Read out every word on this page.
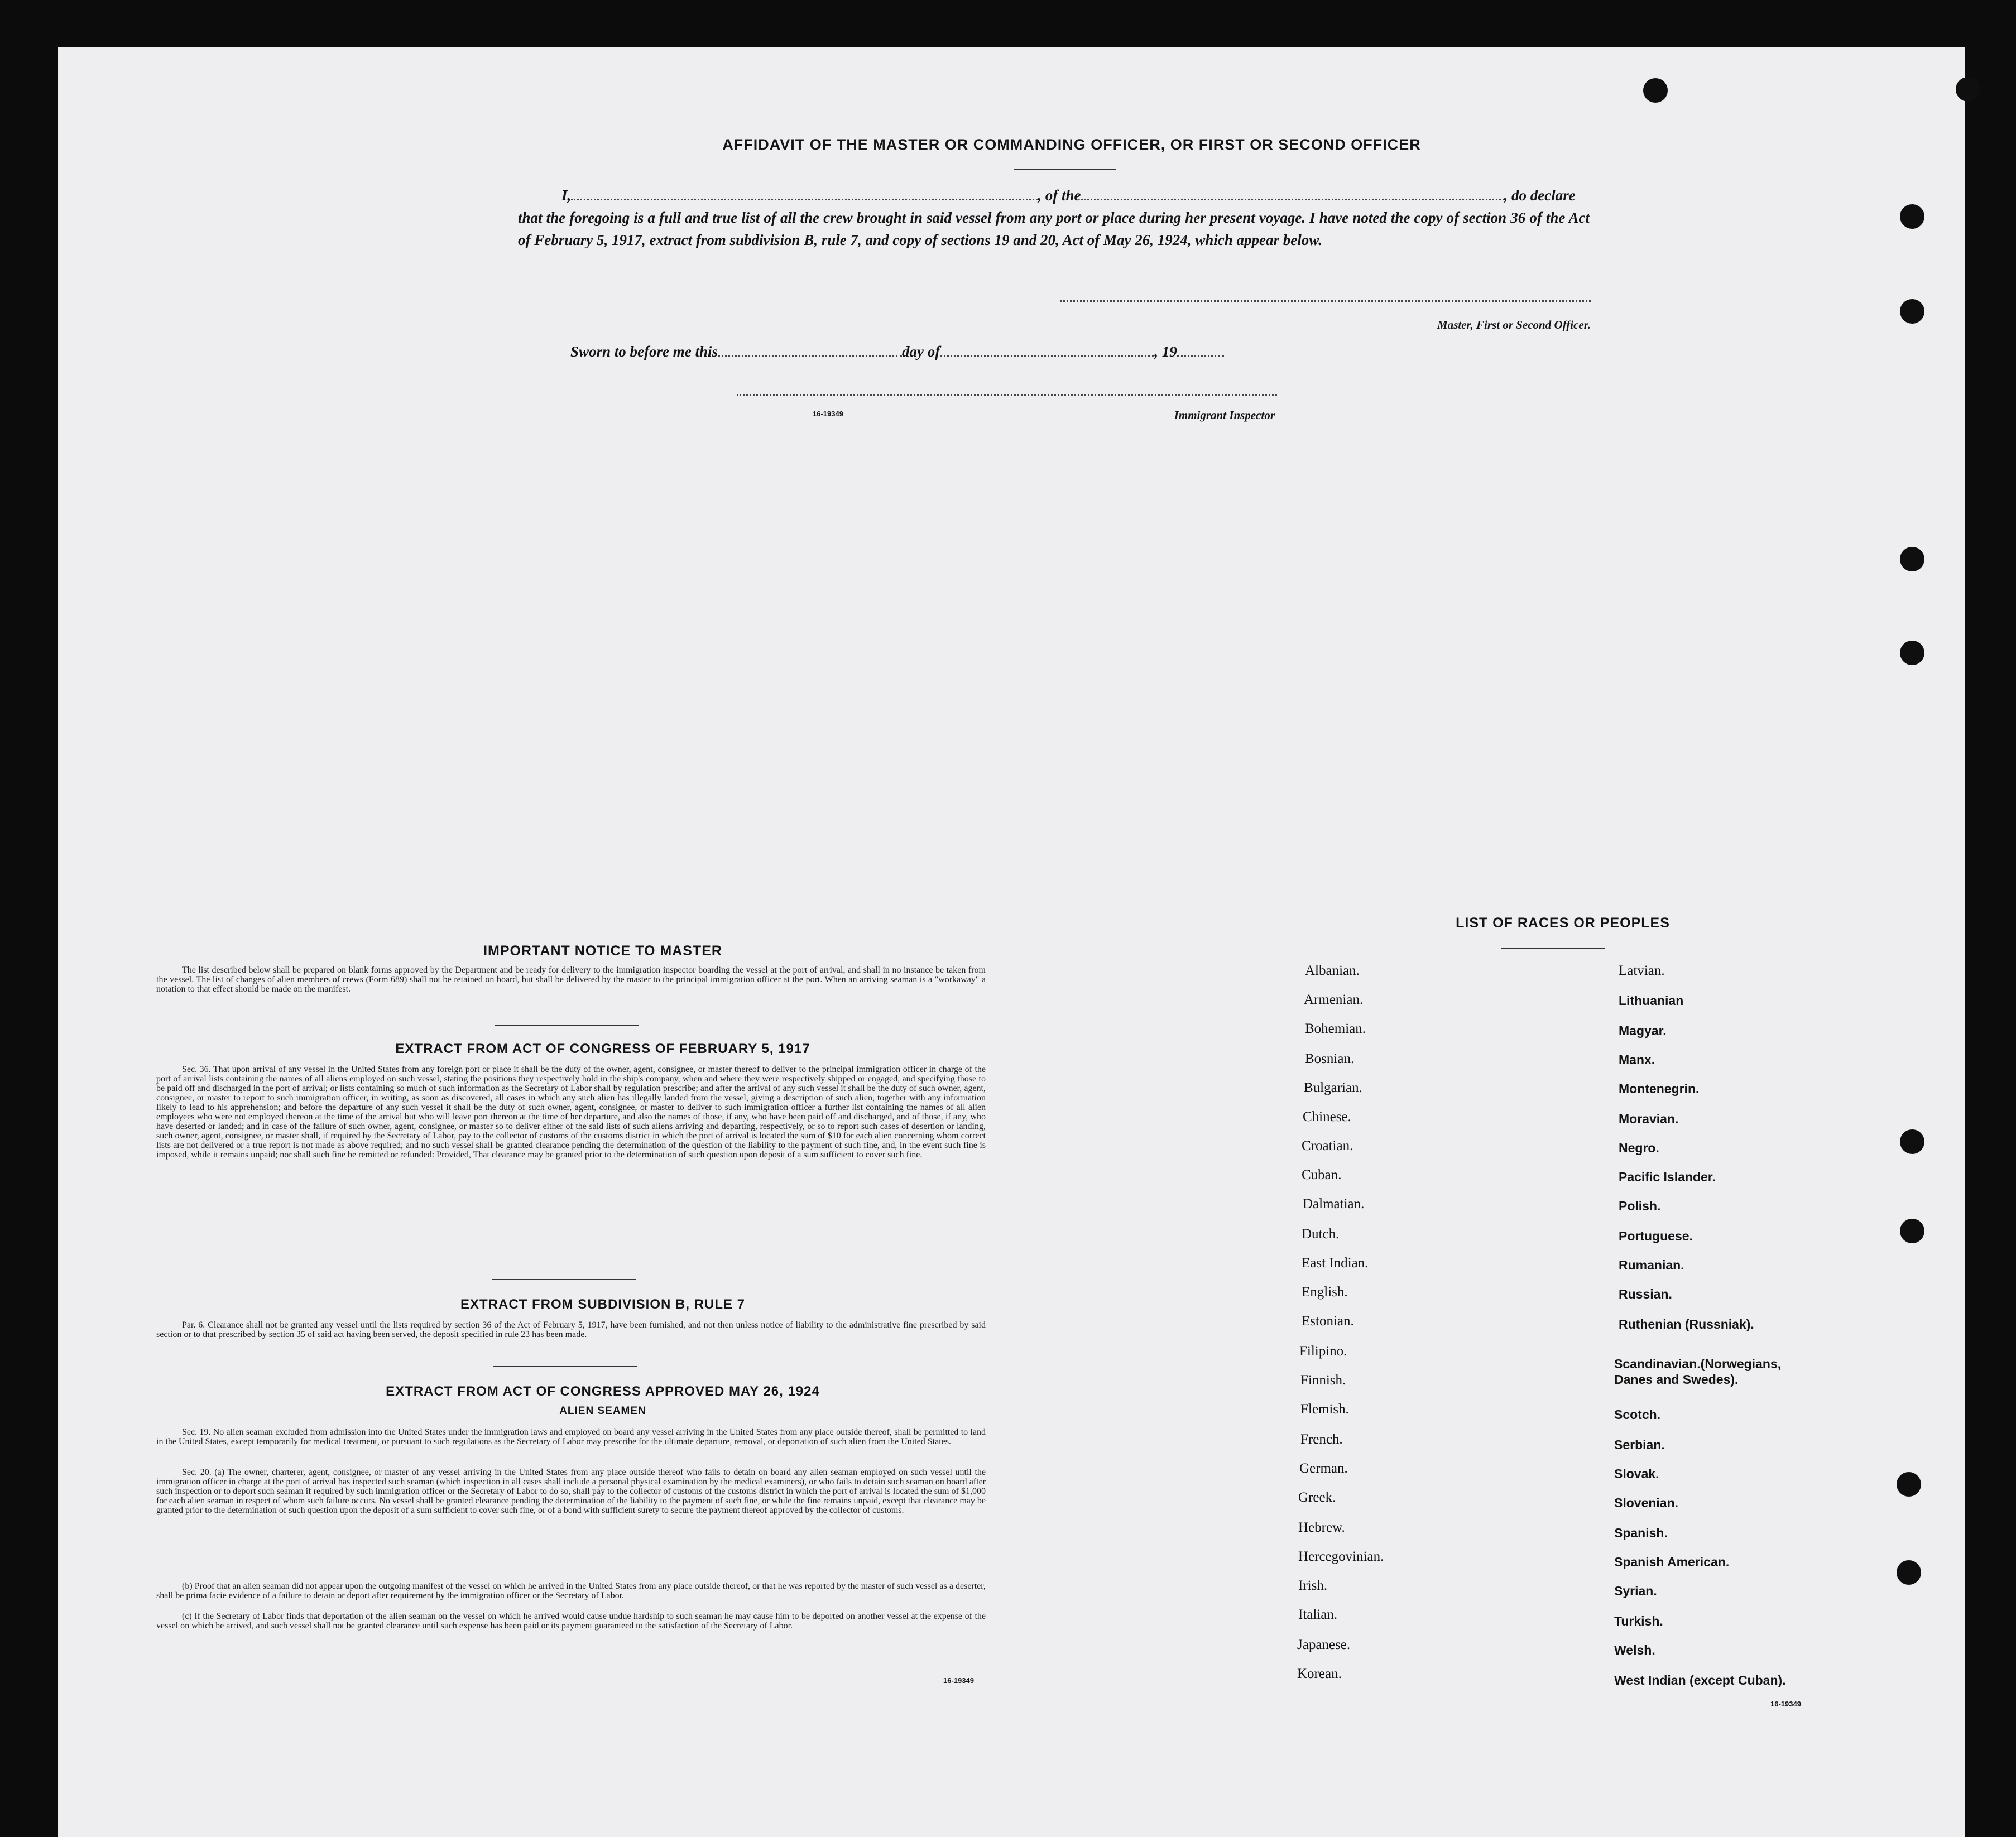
AFFIDAVIT OF THE MASTER OR COMMANDING OFFICER, OR FIRST OR SECOND OFFICER
I,	, of the	, do declare
that the foregoing is a full and true list of all the crew brought in said vessel from any port or place during her present voyage. I have noted the copy of section 36 of the Act of February 5, 1917, extract from subdivision B, rule 7, and copy of sections 19 and 20, Act of May 26, 1924, which appear below.
Master, First or Second Officer.
Sworn to before me this	day of	, 19
16-19349	Immigrant Inspector
IMPORTANT NOTICE TO MASTER
The list described below shall be prepared on blank forms approved by the Department and be ready for delivery to the immigration inspector boarding the vessel at the port of arrival, and shall in no instance be taken from the vessel. The list of changes of alien members of crews (Form 689) shall not be retained on board, but shall be delivered by the master to the principal immigration officer at the port. When an arriving seaman is a "workaway" a notation to that effect should be made on the manifest.
EXTRACT FROM ACT OF CONGRESS OF FEBRUARY 5, 1917
Sec. 36. That upon arrival of any vessel in the United States from any foreign port or place it shall be the duty of the owner, agent, consignee, or master thereof to deliver to the principal immigration officer in charge of the port of arrival lists containing the names of all aliens employed on such vessel, stating the positions they respectively hold in the ship's company, when and where they were respectively shipped or engaged, and specifying those to be paid off and discharged in the port of arrival; or lists containing so much of such information as the Secretary of Labor shall by regulation prescribe; and after the arrival of any such vessel it shall be the duty of such owner, agent, consignee, or master to report to such immigration officer, in writing, as soon as discovered, all cases in which any such alien has illegally landed from the vessel, giving a description of such alien, together with any information likely to lead to his apprehension; and before the departure of any such vessel it shall be the duty of such owner, agent, consignee, or master to deliver to such immigration officer a further list containing the names of all alien employees who were not employed thereon at the time of the arrival but who will leave port thereon at the time of her departure, and also the names of those, if any, who have been paid off and discharged, and of those, if any, who have deserted or landed; and in case of the failure of such owner, agent, consignee, or master so to deliver either of the said lists of such aliens arriving and departing, respectively, or so to report such cases of desertion or landing, such owner, agent, consignee, or master shall, if required by the Secretary of Labor, pay to the collector of customs of the customs district in which the port of arrival is located the sum of $10 for each alien concerning whom correct lists are not delivered or a true report is not made as above required; and no such vessel shall be granted clearance pending the determination of the question of the liability to the payment of such fine, and, in the event such fine is imposed, while it remains unpaid; nor shall such fine be remitted or refunded: Provided, That clearance may be granted prior to the determination of such question upon deposit of a sum sufficient to cover such fine.
EXTRACT FROM SUBDIVISION B, RULE 7
Par. 6. Clearance shall not be granted any vessel until the lists required by section 36 of the Act of February 5, 1917, have been furnished, and not then unless notice of liability to the administrative fine prescribed by said section or to that prescribed by section 35 of said act having been served, the deposit specified in rule 23 has been made.
EXTRACT FROM ACT OF CONGRESS APPROVED MAY 26, 1924
ALIEN SEAMEN
Sec. 19. No alien seaman excluded from admission into the United States under the immigration laws and employed on board any vessel arriving in the United States from any place outside thereof, shall be permitted to land in the United States, except temporarily for medical treatment, or pursuant to such regulations as the Secretary of Labor may prescribe for the ultimate departure, removal, or deportation of such alien from the United States.
Sec. 20. (a) The owner, charterer, agent, consignee, or master of any vessel arriving in the United States from any place outside thereof who fails to detain on board any alien seaman employed on such vessel until the immigration officer in charge at the port of arrival has inspected such seaman (which inspection in all cases shall include a personal physical examination by the medical examiners), or who fails to detain such seaman on board after such inspection or to deport such seaman if required by such immigration officer or the Secretary of Labor to do so, shall pay to the collector of customs of the customs district in which the port of arrival is located the sum of $1,000 for each alien seaman in respect of whom such failure occurs. No vessel shall be granted clearance pending the determination of the liability to the payment of such fine, or while the fine remains unpaid, except that clearance may be granted prior to the determination of such question upon the deposit of a sum sufficient to cover such fine, or of a bond with sufficient surety to secure the payment thereof approved by the collector of customs.
(b) Proof that an alien seaman did not appear upon the outgoing manifest of the vessel on which he arrived in the United States from any place outside thereof, or that he was reported by the master of such vessel as a deserter, shall be prima facie evidence of a failure to detain or deport after requirement by the immigration officer or the Secretary of Labor.
(c) If the Secretary of Labor finds that deportation of the alien seaman on the vessel on which he arrived would cause undue hardship to such seaman he may cause him to be deported on another vessel at the expense of the vessel on which he arrived, and such vessel shall not be granted clearance until such expense has been paid or its payment guaranteed to the satisfaction of the Secretary of Labor.
16-19349
LIST OF RACES OR PEOPLES
16-19349
Albanian.
Armenian.
Bohemian.
Bosnian.
Bulgarian.
Chinese.
Croatian.
Cuban.
Dalmatian.
Dutch.
East Indian.
English.
Estonian.
Filipino.
Finnish.
Flemish.
French.
German.
Greek.
Hebrew.
Hercegovinian.
Irish.
Italian.
Japanese.
Korean.
Latvian.
Lithuanian
Magyar.
Manx.
Montenegrin.
Moravian.
Negro.
Pacific Islander.
Polish.
Portuguese.
Rumanian.
Russian.
Ruthenian (Russniak).
Scandinavian.(Norwegians, Danes and Swedes).
Scotch.
Serbian.
Slovak.
Slovenian.
Spanish.
Spanish American.
Syrian.
Turkish.
Welsh.
West Indian (except Cuban).
